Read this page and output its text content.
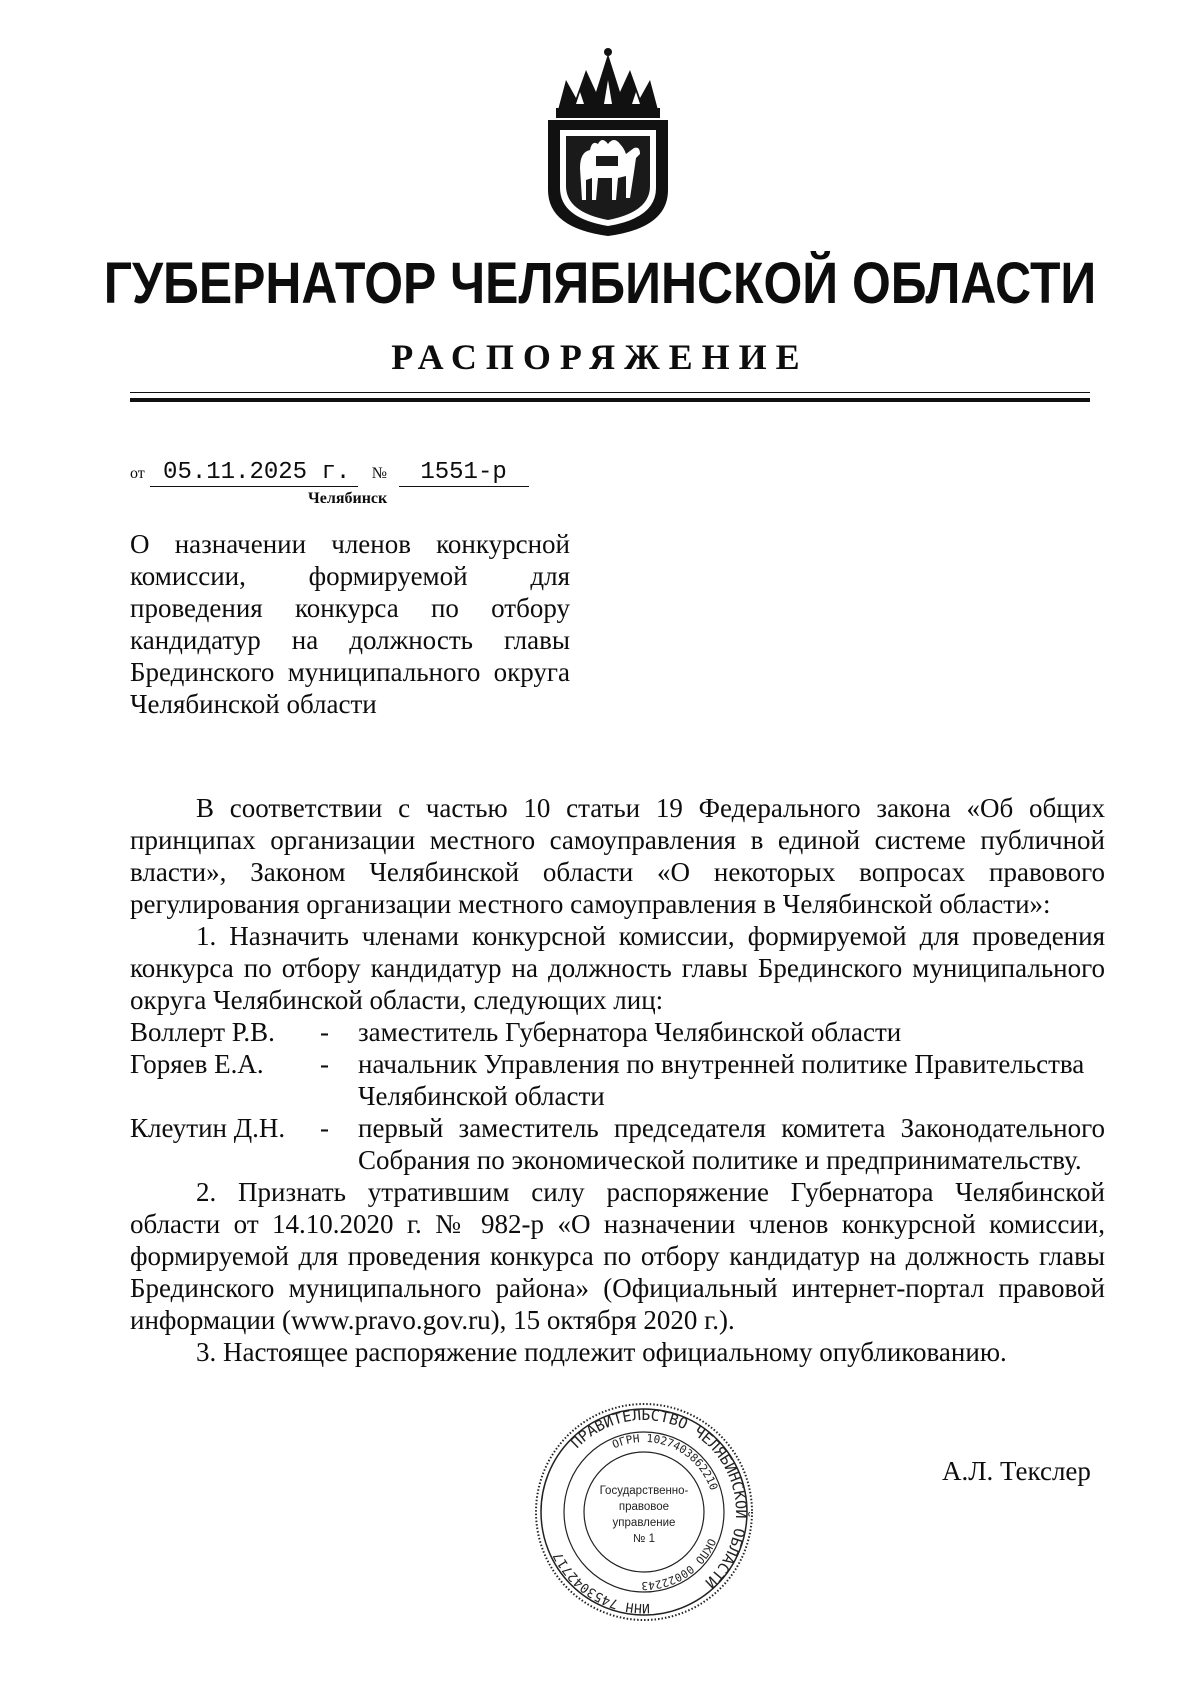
ГУБЕРНАТОР ЧЕЛЯБИНСКОЙ ОБЛАСТИ
РАСПОРЯЖЕНИЕ
от 05.11.2025 г. № 1551-р
Челябинск
О назначении членов конкурсной
комиссии, формируемой для
проведения конкурса по отбору
кандидатур на должность главы
Брединского муниципального округа
Челябинской области

В соответствии с частью 10 статьи 19 Федерального закона «Об общих принципах организации местного самоуправления в единой системе публичной власти», Законом Челябинской области «О некоторых вопросах правового регулирования организации местного самоуправления в Челябинской области»:

1. Назначить членами конкурсной комиссии, формируемой для проведения конкурса по отбору кандидатур на должность главы Брединского муниципального округа Челябинской области, следующих лиц:

Воллерт Р.В.	-	заместитель Губернатора Челябинской области
Горяев Е.А.	-	начальник Управления по внутренней политике Правительства Челябинской области
Клеутин Д.Н.	-	первый заместитель председателя комитета Законодательного Собрания по экономической политике и предпринимательству.

2. Признать утратившим силу распоряжение Губернатора Челябинской области от 14.10.2020 г. № 982-р «О назначении членов конкурсной комиссии, формируемой для проведения конкурса по отбору кандидатур на должность главы Брединского муниципального района» (Официальный интернет-портал правовой информации (www.pravo.gov.ru), 15 октября 2020 г.).

3. Настоящее распоряжение подлежит официальному опубликованию.

ПРАВИТЕЛЬСТВО ЧЕЛЯБИНСКОЙ ОБЛАСТИ
ОГРН 1027403862210
ОКПО 00022243
ИНН 7453042717
Государственно-
правовое
управление
№ 1
А.Л. Текслер
